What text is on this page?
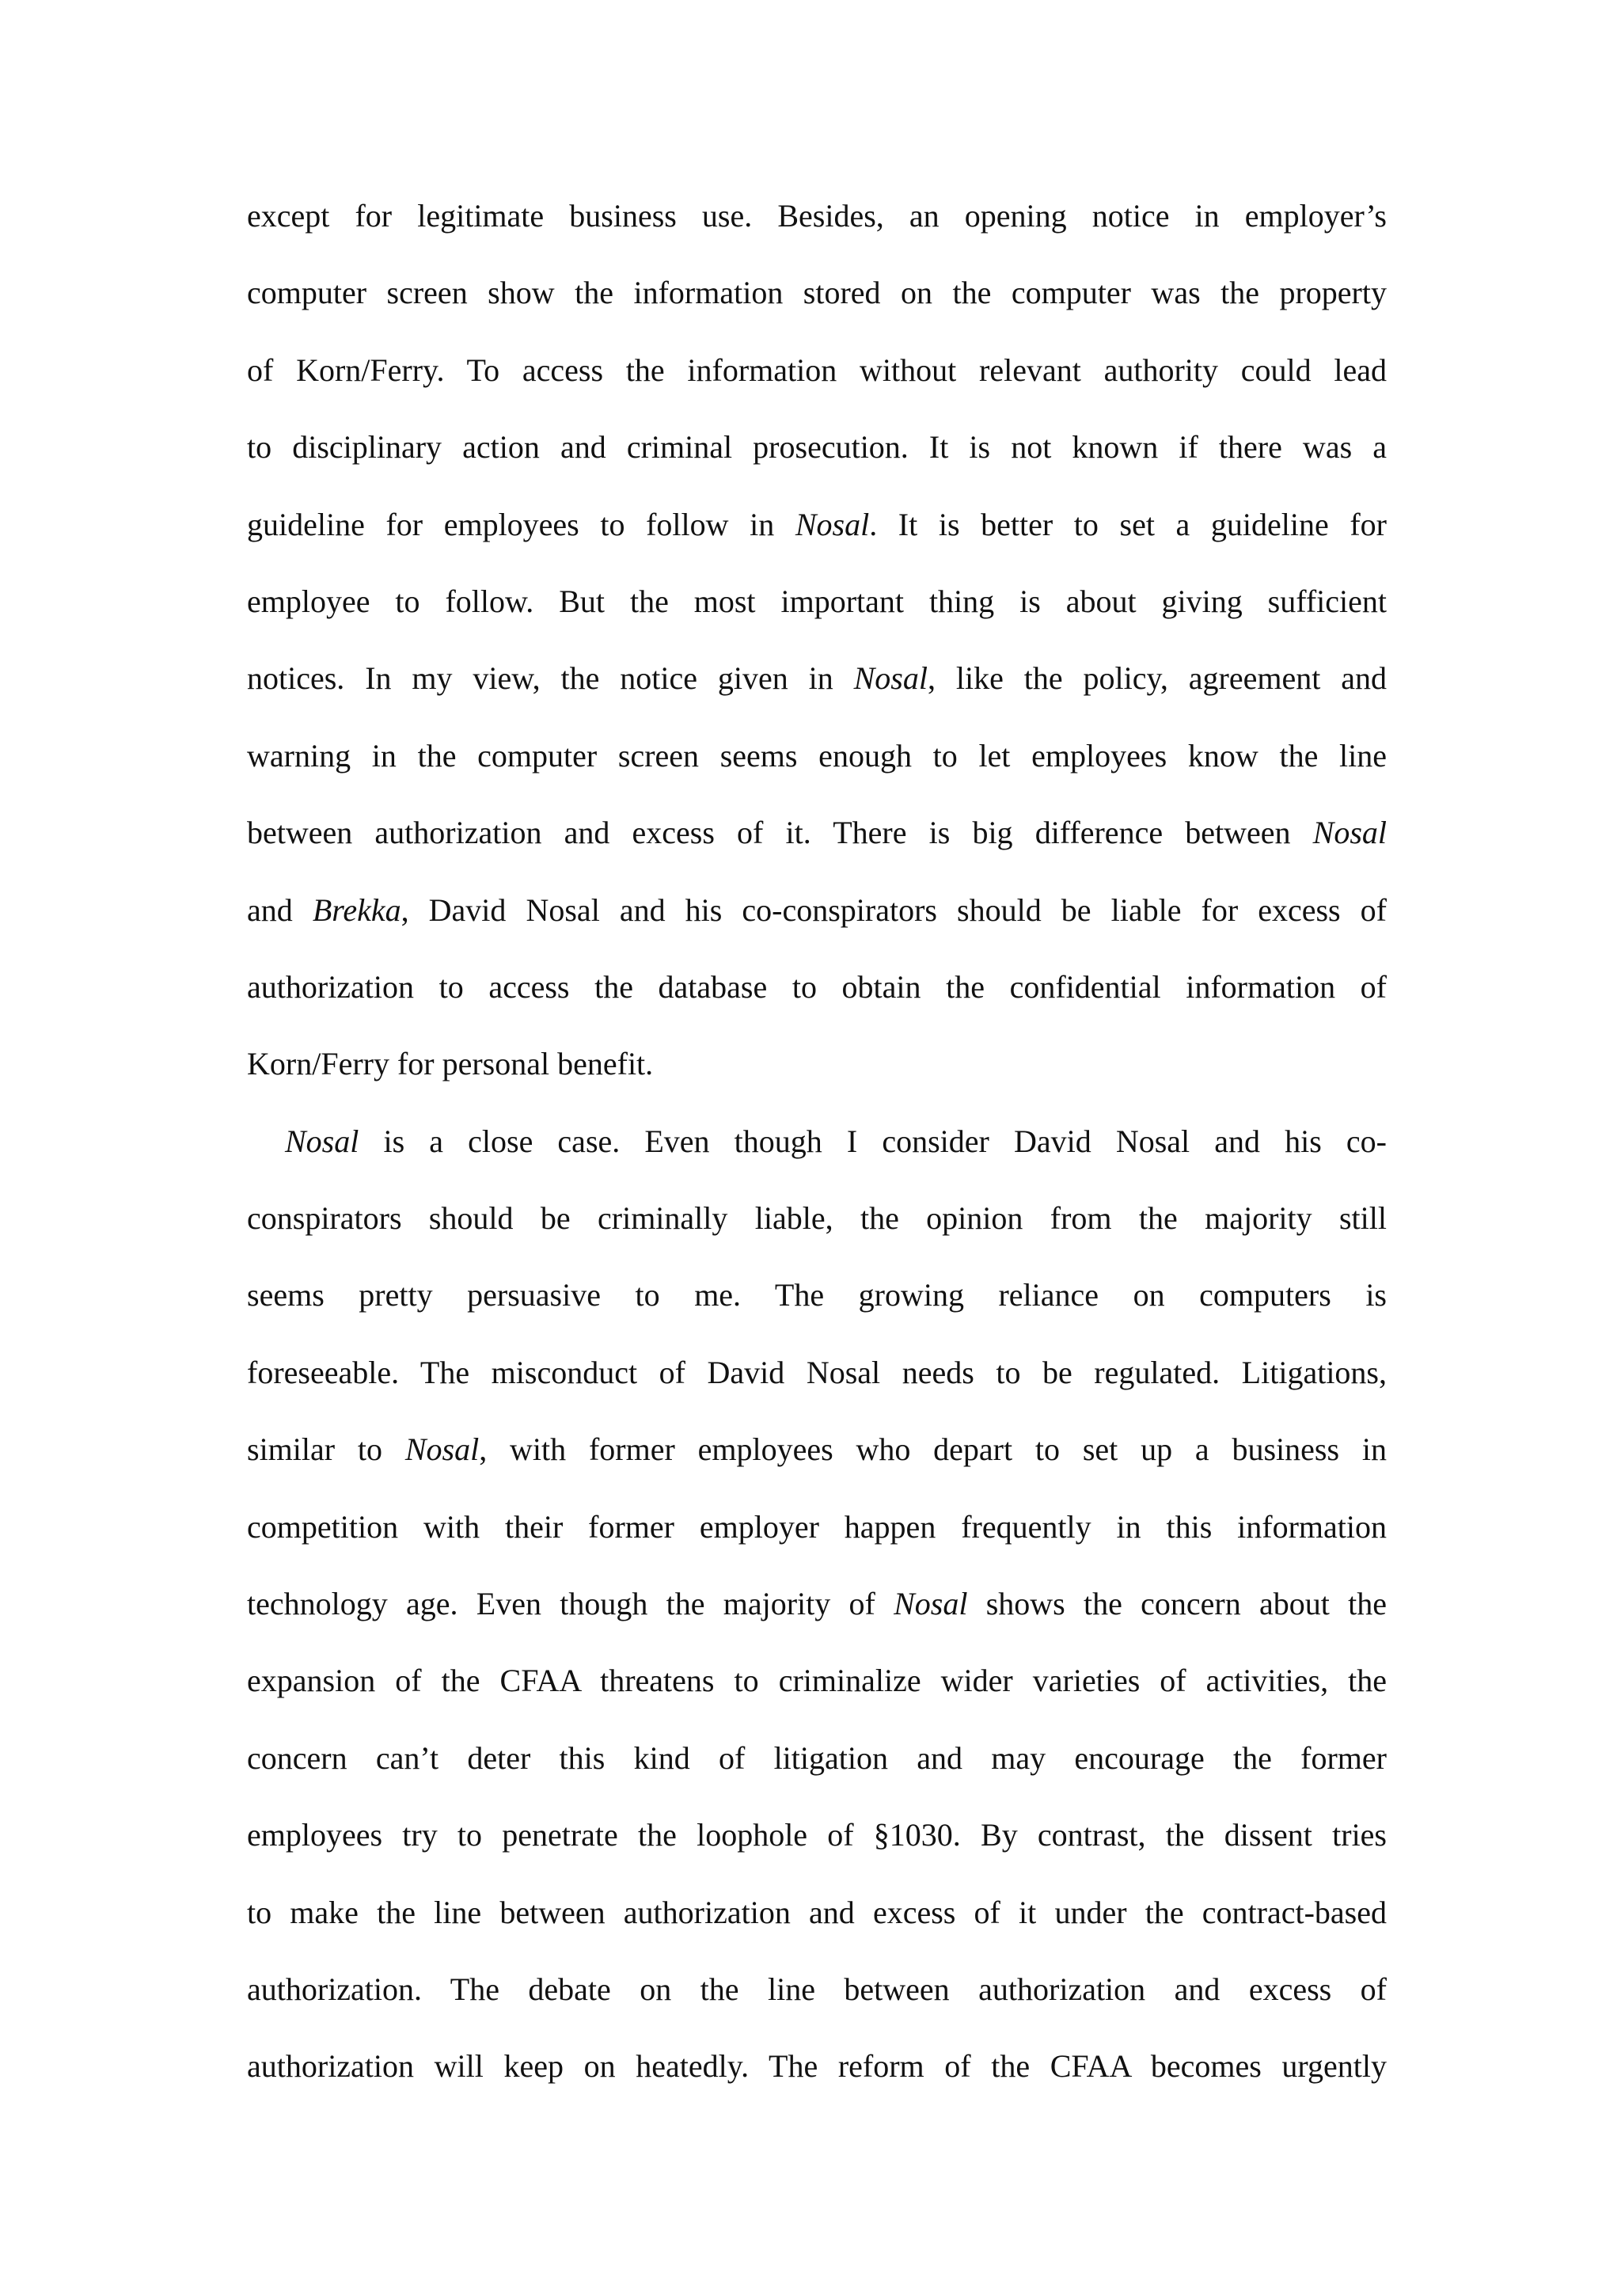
except for legitimate business use. Besides, an opening notice in employer’s
computer screen show the information stored on the computer was the property
of Korn/Ferry. To access the information without relevant authority could lead
to disciplinary action and criminal prosecution. It is not known if there was a
guideline for employees to follow in Nosal. It is better to set a guideline for
employee to follow. But the most important thing is about giving sufficient
notices. In my view, the notice given in Nosal, like the policy, agreement and
warning in the computer screen seems enough to let employees know the line
between authorization and excess of it. There is big difference between Nosal
and Brekka, David Nosal and his co-conspirators should be liable for excess of
authorization to access the database to obtain the confidential information of
Korn/Ferry for personal benefit.
Nosal is a close case. Even though I consider David Nosal and his co-
conspirators should be criminally liable, the opinion from the majority still
seems pretty persuasive to me. The growing reliance on computers is
foreseeable. The misconduct of David Nosal needs to be regulated. Litigations,
similar to Nosal, with former employees who depart to set up a business in
competition with their former employer happen frequently in this information
technology age. Even though the majority of Nosal shows the concern about the
expansion of the CFAA threatens to criminalize wider varieties of activities, the
concern can’t deter this kind of litigation and may encourage the former
employees try to penetrate the loophole of §1030. By contrast, the dissent tries
to make the line between authorization and excess of it under the contract-based
authorization. The debate on the line between authorization and excess of
authorization will keep on heatedly. The reform of the CFAA becomes urgently
